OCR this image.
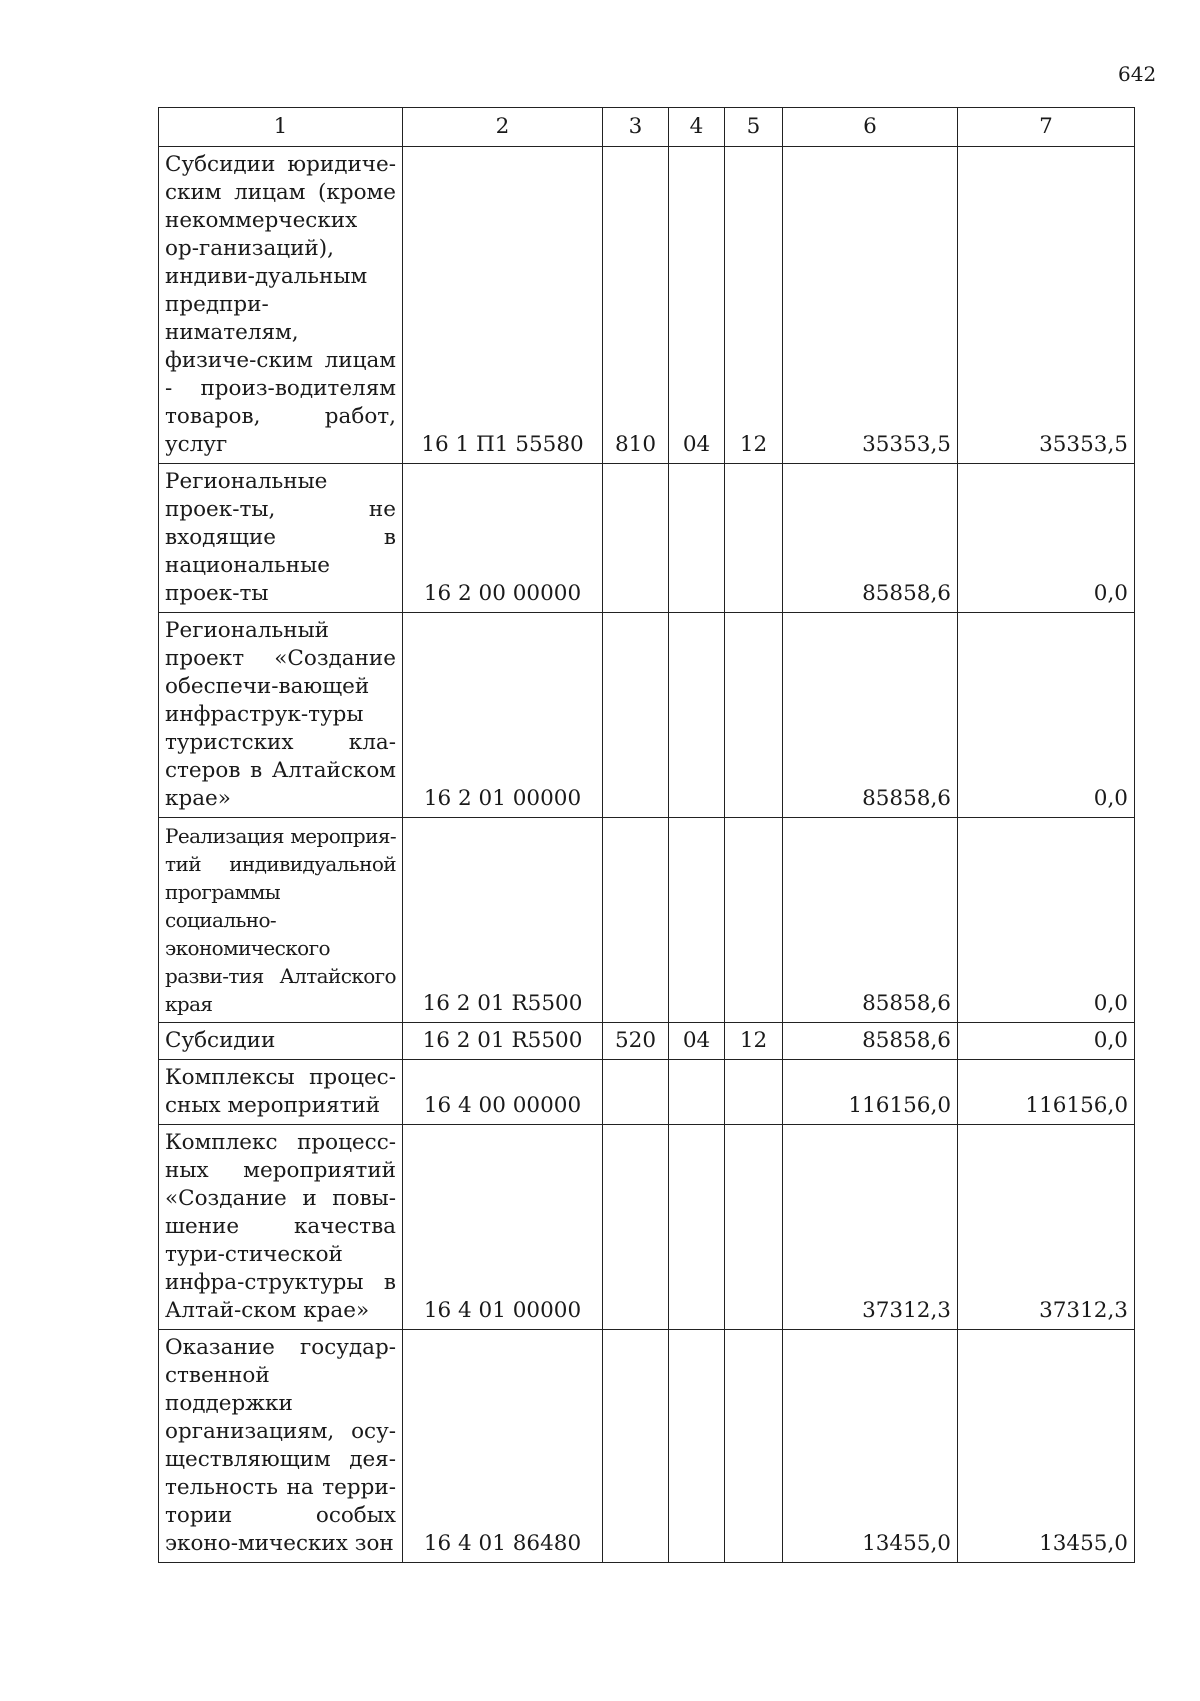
642
1	2	3	4	5	6	7
Субсидии юридиче-ским лицам (кроме некоммерческих ор-ганизаций), индиви-дуальным предпри-нимателям, физиче-ским лицам - произ-водителям товаров, работ, услуг	16 1 П1 55580	810	04	12	35353,5	35353,5
Региональные проек-ты, не входящие в национальные проек-ты	16 2 00 00000				85858,6	0,0
Региональный проект «Создание обеспечи-вающей инфраструк-туры туристских кла-стеров в Алтайском крае»	16 2 01 00000				85858,6	0,0
Реализация мероприя-тий индивидуальной программы социально-экономического разви-тия Алтайского края	16 2 01 R5500				85858,6	0,0
Субсидии	16 2 01 R5500	520	04	12	85858,6	0,0
Комплексы процес-сных мероприятий	16 4 00 00000				116156,0	116156,0
Комплекс процесс-ных мероприятий «Создание и повы-шение качества тури-стической инфра-структуры в Алтай-ском крае»	16 4 01 00000				37312,3	37312,3
Оказание государ-ственной поддержки организациям, осу-ществляющим дея-тельность на терри-тории особых эконо-мических зон	16 4 01 86480				13455,0	13455,0
